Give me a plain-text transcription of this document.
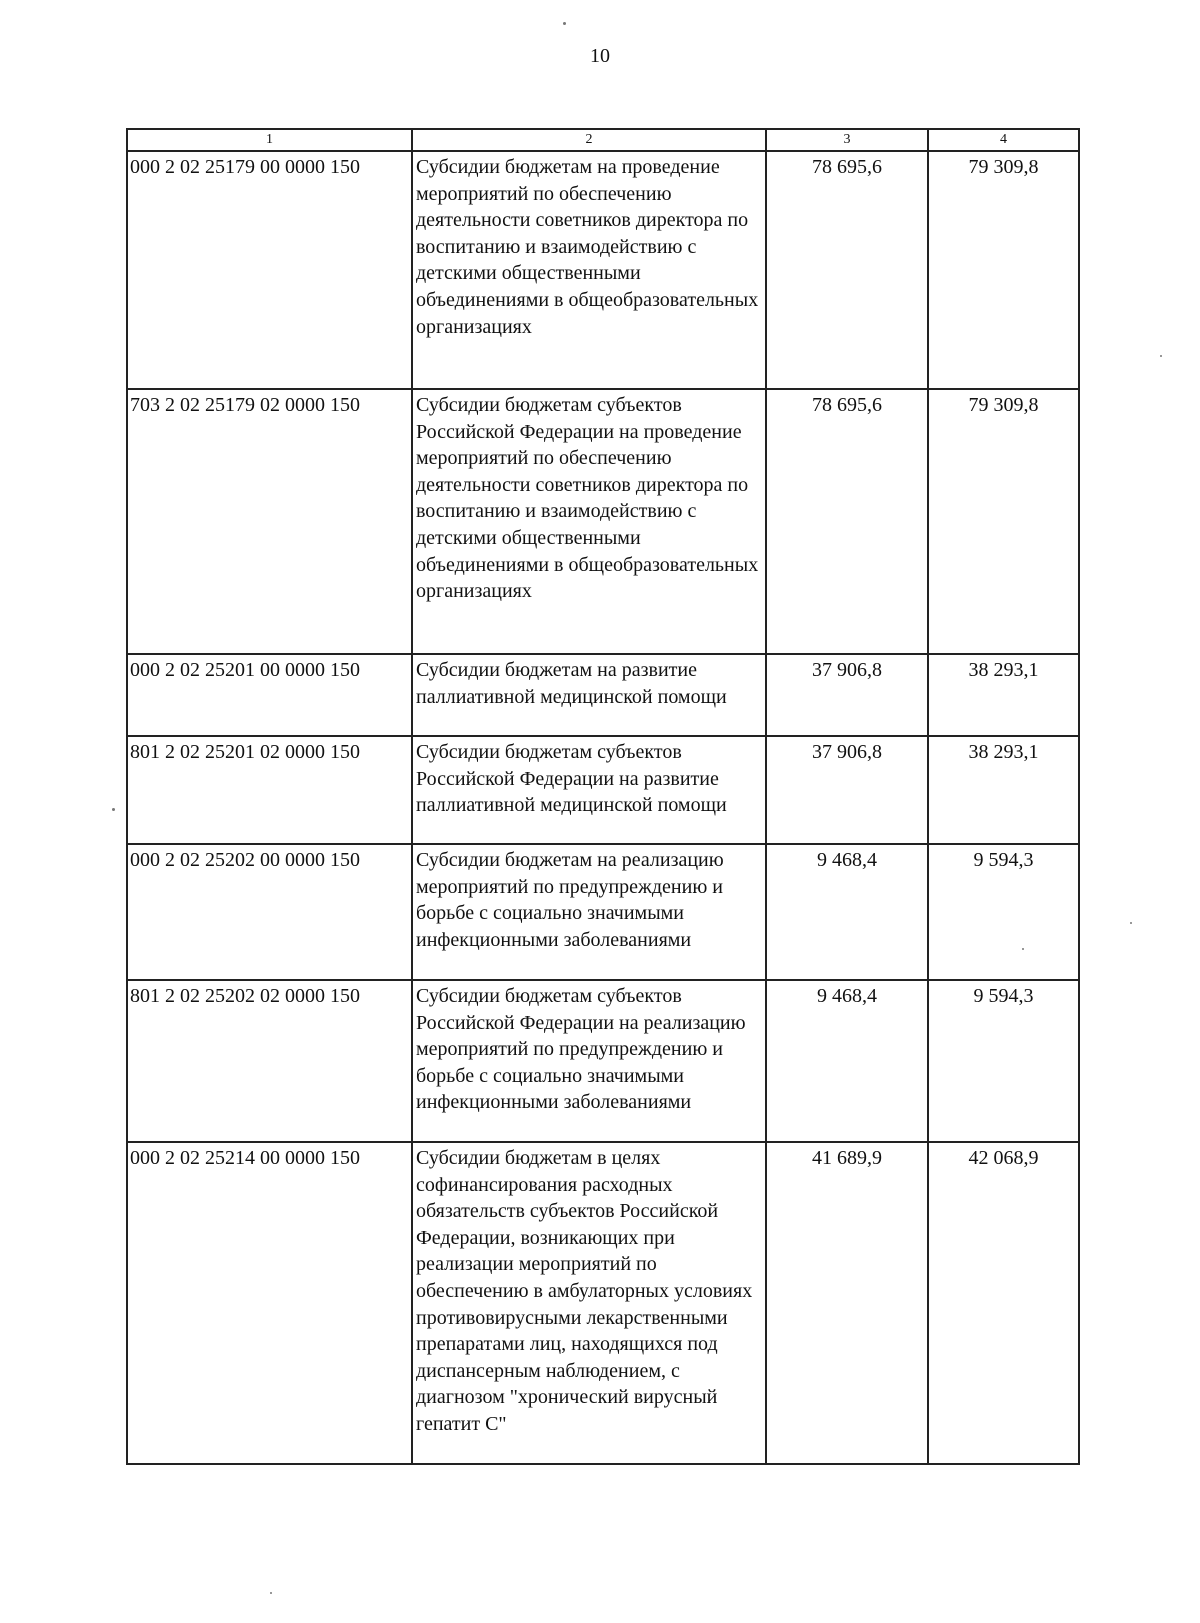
10
1	2	3	4
000 2 02 25179 00 0000 150	Субсидии бюджетам на проведение мероприятий по обеспечению деятельности советников директора по воспитанию и взаимодействию с детскими общественными объединениями в общеобразовательных организациях	78 695,6	79 309,8
703 2 02 25179 02 0000 150	Субсидии бюджетам субъектов Российской Федерации на проведение мероприятий по обеспечению деятельности советников директора по воспитанию и взаимодействию с детскими общественными объединениями в общеобразовательных организациях	78 695,6	79 309,8
000 2 02 25201 00 0000 150	Субсидии бюджетам на развитие паллиативной медицинской помощи	37 906,8	38 293,1
801 2 02 25201 02 0000 150	Субсидии бюджетам субъектов Российской Федерации на развитие паллиативной медицинской помощи	37 906,8	38 293,1
000 2 02 25202 00 0000 150	Субсидии бюджетам на реализацию мероприятий по предупреждению и борьбе с социально значимыми инфекционными заболеваниями	9 468,4	9 594,3
801 2 02 25202 02 0000 150	Субсидии бюджетам субъектов Российской Федерации на реализацию мероприятий по предупреждению и борьбе с социально значимыми инфекционными заболеваниями	9 468,4	9 594,3
000 2 02 25214 00 0000 150	Субсидии бюджетам в целях софинансирования расходных обязательств субъектов Российской Федерации, возникающих при реализации мероприятий по обеспечению в амбулаторных условиях противовирусными лекарственными препаратами лиц, находящихся под диспансерным наблюдением, с диагнозом "хронический вирусный гепатит С"	41 689,9	42 068,9
